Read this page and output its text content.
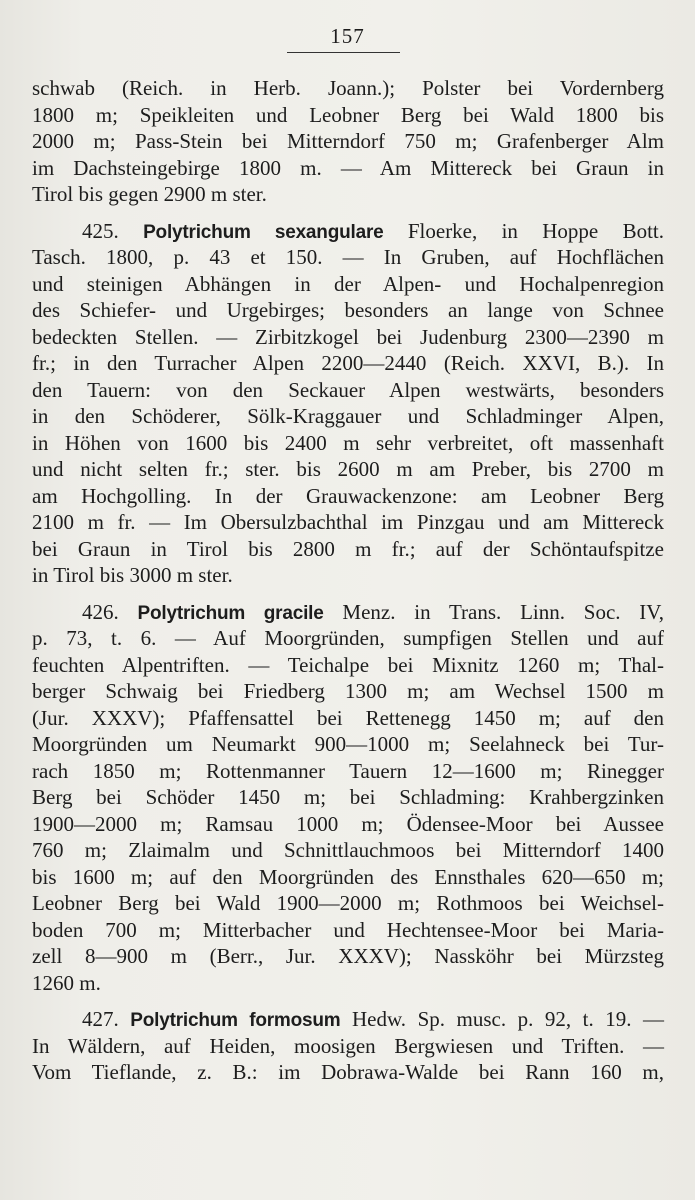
157
schwab (Reich. in Herb. Joann.); Polster bei Vordernberg
1800 m; Speikleiten und Leobner Berg bei Wald 1800 bis
2000 m; Pass-Stein bei Mitterndorf 750 m; Grafenberger Alm
im Dachsteingebirge 1800 m. — Am Mittereck bei Graun in
Tirol bis gegen 2900 m ster.
425. Polytrichum sexangulare Floerke, in Hoppe Bott.
Tasch. 1800, p. 43 et 150. — In Gruben, auf Hochflächen
und steinigen Abhängen in der Alpen- und Hochalpenregion
des Schiefer- und Urgebirges; besonders an lange von Schnee
bedeckten Stellen. — Zirbitzkogel bei Judenburg 2300—2390 m
fr.; in den Turracher Alpen 2200—2440 (Reich. XXVI, B.). In
den Tauern: von den Seckauer Alpen westwärts, besonders
in den Schöderer, Sölk-Kraggauer und Schladminger Alpen,
in Höhen von 1600 bis 2400 m sehr verbreitet, oft massenhaft
und nicht selten fr.; ster. bis 2600 m am Preber, bis 2700 m
am Hochgolling. In der Grauwackenzone: am Leobner Berg
2100 m fr. — Im Obersulzbachthal im Pinzgau und am Mittereck
bei Graun in Tirol bis 2800 m fr.; auf der Schöntaufspitze
in Tirol bis 3000 m ster.
426. Polytrichum gracile Menz. in Trans. Linn. Soc. IV,
p. 73, t. 6. — Auf Moorgründen, sumpfigen Stellen und auf
feuchten Alpentriften. — Teichalpe bei Mixnitz 1260 m; Thal-
berger Schwaig bei Friedberg 1300 m; am Wechsel 1500 m
(Jur. XXXV); Pfaffensattel bei Rettenegg 1450 m; auf den
Moorgründen um Neumarkt 900—1000 m; Seelahneck bei Tur-
rach 1850 m; Rottenmanner Tauern 12—1600 m; Rinegger
Berg bei Schöder 1450 m; bei Schladming: Krahbergzinken
1900—2000 m; Ramsau 1000 m; Ödensee-Moor bei Aussee
760 m; Zlaimalm und Schnittlauchmoos bei Mitterndorf 1400
bis 1600 m; auf den Moorgründen des Ennsthales 620—650 m;
Leobner Berg bei Wald 1900—2000 m; Rothmoos bei Weichsel-
boden 700 m; Mitterbacher und Hechtensee-Moor bei Maria-
zell 8—900 m (Berr., Jur. XXXV); Nassköhr bei Mürzsteg
1260 m.
427. Polytrichum formosum Hedw. Sp. musc. p. 92, t. 19. —
In Wäldern, auf Heiden, moosigen Bergwiesen und Triften. —
Vom Tieflande, z. B.: im Dobrawa-Walde bei Rann 160 m,
